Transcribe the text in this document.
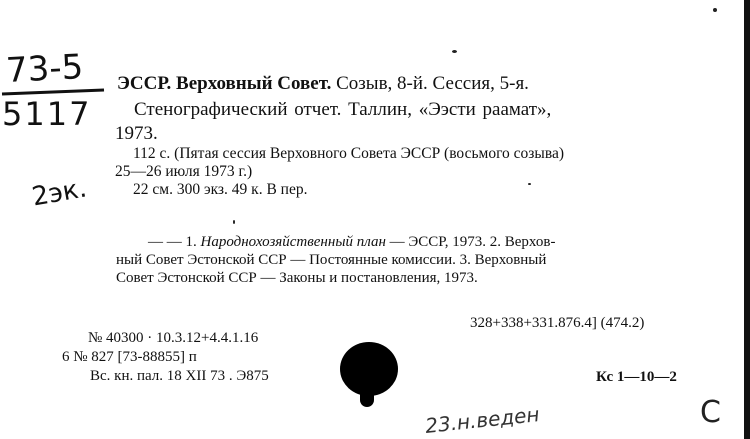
73-5
5117
2эк.
ЭССР. Верховный Совет. Созыв, 8-й. Сессия, 5-я.
Стенографический отчет. Таллин, «Ээсти раамат»,
1973.
112 с. (Пятая сессия Верховного Совета ЭССР (восьмого созыва)
25—26 июля 1973 г.)
22 см. 300 экз. 49 к. В пер.
— — 1. Народнохозяйственный план — ЭССР, 1973. 2. Верхов-
ный Совет Эстонской ССР — Постоянные комиссии. 3. Верховный
Совет Эстонской ССР — Законы и постановления, 1973.
328+338+331.876.4] (474.2)
№ 40300 · 10.3.12+4.4.1.16
6 № 827 [73-88855] п
Вс. кн. пал. 18 XII 73 . Э875	Кс 1—10—2
23.н.веден	С
